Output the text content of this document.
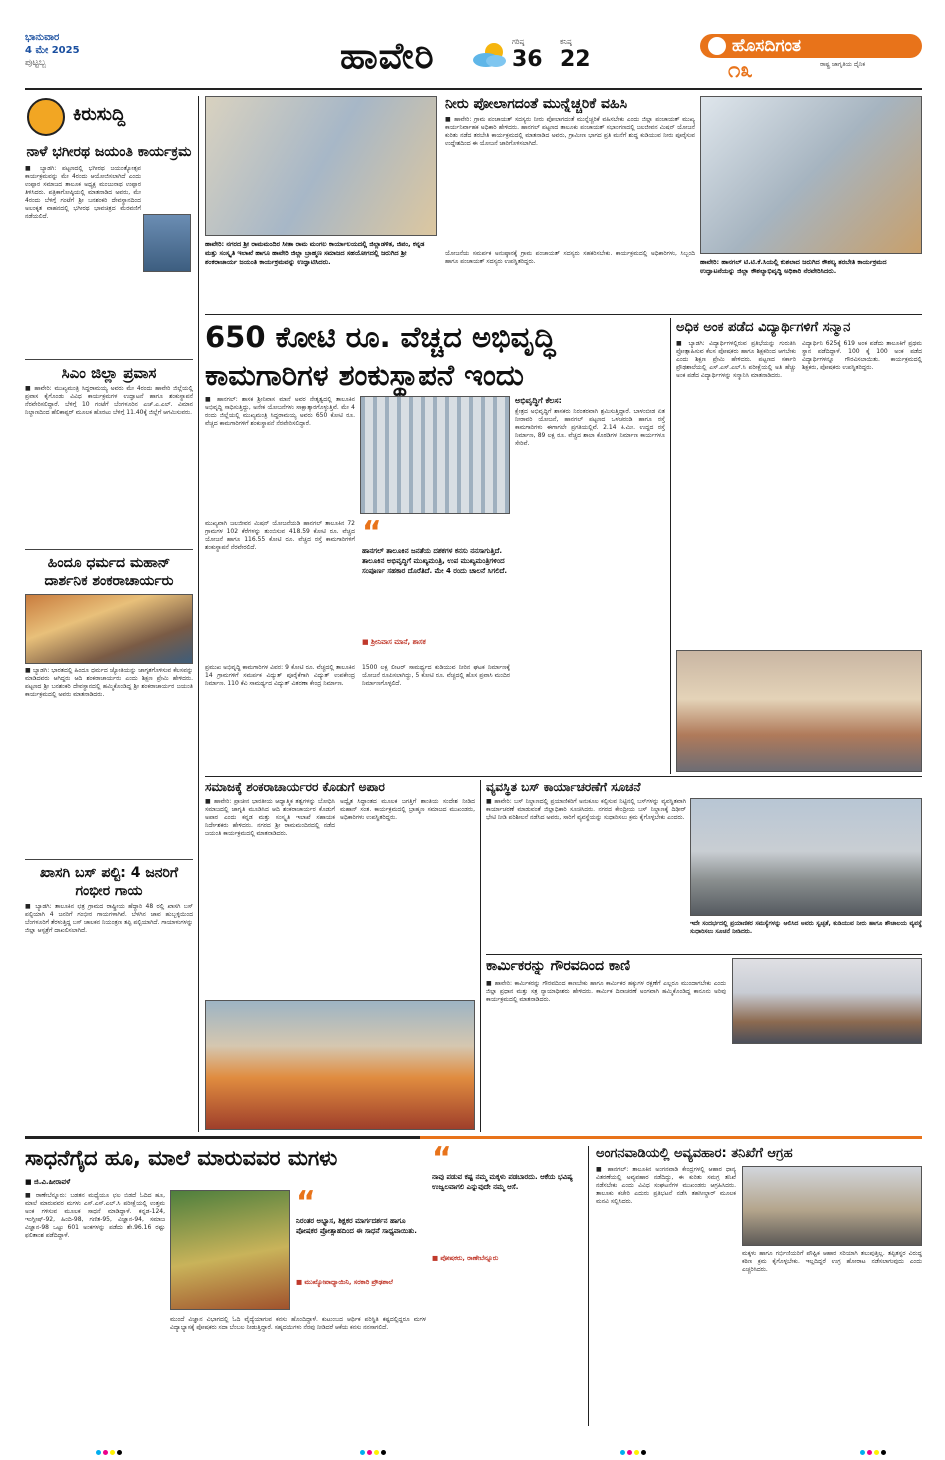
ಭಾನುವಾರ
4 ಮೇ 2025
ಪುಟ್ಟಬ್ಬ	ಹಾವೇರಿ	ಗರಿಷ್ಠ
36
ಕನಿಷ್ಠ
22
ಹೊಸದಿಗಂತ
ರಾಷ್ಟ್ರ ಜಾಗೃತಿಯ ದೈನಿಕ
೧೩
ಕಿರುಸುದ್ದಿ
ನಾಳೆ ಭಗೀರಥ ಜಯಂತಿ ಕಾರ್ಯಕ್ರಮ
■ ಬ್ಯಾಡಗಿ: ಪಟ್ಟಣದಲ್ಲಿ ಭಗೀರಥ ಜಯಂತ್ಯೋತ್ಸವ ಕಾರ್ಯಕ್ರಮವನ್ನು ಮೇ 4ರಂದು ಆಯೋಜಿಸಲಾಗಿದೆ ಎಂದು ಉಪ್ಪಾರ ಸಮಾಜದ ತಾಲೂಕ ಅಧ್ಯಕ್ಷ ಮಂಜುನಾಥ ಉಪ್ಪಾರ ತಿಳಿಸಿದರು. ಪತ್ರಿಕಾಗೋಷ್ಠಿಯಲ್ಲಿ ಮಾತನಾಡಿದ ಅವರು, ಮೇ 4ರಂದು ಬೆಳಿಗ್ಗೆ ಗಂಟೆಗೆ ಶ್ರೀ ಬನಶಂಕರಿ ದೇವಸ್ಥಾನದಿಂದ ಅಲಂಕೃತ ವಾಹನದಲ್ಲಿ ಭಗೀರಥ ಭಾವಚಿತ್ರದ ಮೆರವಣಿಗೆ ನಡೆಯಲಿದೆ.
ಸಿಎಂ ಜಿಲ್ಲಾ ಪ್ರವಾಸ
■ ಹಾವೇರಿ: ಮುಖ್ಯಮಂತ್ರಿ ಸಿದ್ದರಾಮಯ್ಯ ಅವರು ಮೇ 4ರಂದು ಹಾವೇರಿ ಜಿಲ್ಲೆಯಲ್ಲಿ ಪ್ರವಾಸ ಕೈಗೊಂಡು ವಿವಿಧ ಕಾರ್ಯಕ್ರಮಗಳ ಉದ್ಘಾಟನೆ ಹಾಗೂ ಶಂಕುಸ್ಥಾಪನೆ ನೆರವೇರಿಸಲಿದ್ದಾರೆ. ಬೆಳಿಗ್ಗೆ 10 ಗಂಟೆಗೆ ಬೆಂಗಳೂರಿನ ಎಚ್.ಎ.ಎಲ್. ವಿಮಾನ ನಿಲ್ದಾಣದಿಂದ ಹೆಲಿಕಾಪ್ಟರ್ ಮೂಲಕ ಹೊರಟು ಬೆಳಿಗ್ಗೆ 11.40ಕ್ಕೆ ಜಿಲ್ಲೆಗೆ ಆಗಮಿಸುವರು.
ಹಿಂದೂ ಧರ್ಮದ ಮಹಾನ್ ದಾರ್ಶನಿಕ ಶಂಕರಾಚಾರ್ಯರು
■ ಬ್ಯಾಡಗಿ: ಭಾರತದಲ್ಲಿ ಹಿಂದೂ ಧರ್ಮದ ಜ್ಯೋತಿಯನ್ನು ಜಾಗೃತಗೊಳಿಸುವ ಕೆಲಸವನ್ನು ಮಾಡಿದವರು ಆಗಿದ್ದರು ಆದಿ ಶಂಕರಾಚಾರ್ಯರು ಎಂದು ಶಿಕ್ಷಣ ಪ್ರೇಮಿ ಹೇಳಿದರು. ಪಟ್ಟಣದ ಶ್ರೀ ಬನಶಂಕರಿ ದೇವಸ್ಥಾನದಲ್ಲಿ ಹಮ್ಮಿಕೊಂಡಿದ್ದ ಶ್ರೀ ಶಂಕರಾಚಾರ್ಯರ ಜಯಂತಿ ಕಾರ್ಯಕ್ರಮದಲ್ಲಿ ಅವರು ಮಾತನಾಡಿದರು.
ಖಾಸಗಿ ಬಸ್ ಪಲ್ಟಿ: 4 ಜನರಿಗೆ ಗಂಭೀರ ಗಾಯ
■ ಬ್ಯಾಡಗಿ: ತಾಲೂಕಿನ ಛತ್ರ ಗ್ರಾಮದ ರಾಷ್ಟ್ರೀಯ ಹೆದ್ದಾರಿ 48 ರಲ್ಲಿ ಖಾಸಗಿ ಬಸ್ ಪಲ್ಟಿಯಾಗಿ 4 ಜನರಿಗೆ ಗಂಭೀರ ಗಾಯಗಳಾಗಿವೆ. ಬೆಳಗಿನ ಜಾವ ಹುಬ್ಬಳ್ಳಿಯಿಂದ ಬೆಂಗಳೂರಿಗೆ ತೆರಳುತ್ತಿದ್ದ ಬಸ್ ಚಾಲಕನ ನಿಯಂತ್ರಣ ತಪ್ಪಿ ಪಲ್ಟಿಯಾಗಿದೆ. ಗಾಯಾಳುಗಳನ್ನು ಜಿಲ್ಲಾ ಆಸ್ಪತ್ರೆಗೆ ದಾಖಲಿಸಲಾಗಿದೆ.
ಹಾವೇರಿ: ನಗರದ ಶ್ರೀ ರಾಮಮಂದಿರ ಸೀತಾ ರಾಮ ಮಂಗಲ ಕಾರ್ಯಾಲಯದಲ್ಲಿ ಜಿಲ್ಲಾಡಳಿತ, ಜಿಪಂ, ಕನ್ನಡ ಮತ್ತು ಸಂಸ್ಕೃತಿ ಇಲಾಖೆ ಹಾಗೂ ಹಾವೇರಿ ಜಿಲ್ಲಾ ಬ್ರಾಹ್ಮಣ ಸಮಾಜದ ಸಹಯೋಗದಲ್ಲಿ ಜರುಗಿದ ಶ್ರೀ ಶಂಕರಾಚಾರ್ಯ ಜಯಂತಿ ಕಾರ್ಯಕ್ರಮವನ್ನು ಉದ್ಘಾಟಿಸಿದರು.
ನೀರು ಪೋಲಾಗದಂತೆ ಮುನ್ನೆಚ್ಚರಿಕೆ ವಹಿಸಿ
■ ಹಾವೇರಿ: ಗ್ರಾಮ ಪಂಚಾಯತ್ ಸದಸ್ಯರು ನೀರು ಪೋಲಾಗದಂತೆ ಮುನ್ನೆಚ್ಚರಿಕೆ ವಹಿಸಬೇಕು ಎಂದು ಜಿಲ್ಲಾ ಪಂಚಾಯತ್ ಮುಖ್ಯ ಕಾರ್ಯನಿರ್ವಾಹಕ ಅಧಿಕಾರಿ ಹೇಳಿದರು. ಹಾನಗಲ್ ಪಟ್ಟಣದ ತಾಲೂಕು ಪಂಚಾಯತ್ ಸಭಾಂಗಣದಲ್ಲಿ ಜಲಜೀವನ ಮಿಷನ್ ಯೋಜನೆ ಕುರಿತು ನಡೆದ ತರಬೇತಿ ಕಾರ್ಯಕ್ರಮದಲ್ಲಿ ಮಾತನಾಡಿದ ಅವರು, ಗ್ರಾಮೀಣ ಭಾಗದ ಪ್ರತಿ ಮನೆಗೆ ಶುದ್ಧ ಕುಡಿಯುವ ನೀರು ಪೂರೈಸುವ ಉದ್ದೇಶದಿಂದ ಈ ಯೋಜನೆ ಜಾರಿಗೊಳಿಸಲಾಗಿದೆ.
ಯೋಜನೆಯ ಸಮರ್ಪಕ ಅನುಷ್ಠಾನಕ್ಕೆ ಗ್ರಾಮ ಪಂಚಾಯತ್ ಸದಸ್ಯರು ಸಹಕರಿಸಬೇಕು. ಕಾರ್ಯಕ್ರಮದಲ್ಲಿ ಅಧಿಕಾರಿಗಳು, ಸಿಬ್ಬಂದಿ ಹಾಗೂ ಪಂಚಾಯತ್ ಸದಸ್ಯರು ಉಪಸ್ಥಿತರಿದ್ದರು.	ಹಾವೇರಿ: ಹಾನಗಲ್ ಟಿ.ಟಿ.ಕೆ.ಸಿಯಲ್ಲಿ ಕುಶಲಾದ ಜರುಗಿದ ಕೌಶಲ್ಯ ತರಬೇತಿ ಕಾರ್ಯಕ್ರಮದ ಉದ್ಘಾಟನೆಯನ್ನು ಜಿಲ್ಲಾ ಕೌಶಲ್ಯಾಭಿವೃದ್ಧಿ ಅಧಿಕಾರಿ ನೆರವೇರಿಸಿದರು.
650 ಕೋಟಿ ರೂ. ವೆಚ್ಚದ ಅಭಿವೃದ್ಧಿ
ಕಾಮಗಾರಿಗಳ ಶಂಕುಸ್ಥಾಪನೆ ಇಂದು
■ ಹಾನಗಲ್: ಶಾಸಕ ಶ್ರೀನಿವಾಸ ಮಾನೆ ಅವರ ನೇತೃತ್ವದಲ್ಲಿ ತಾಲೂಕಿನ ಅಭಿವೃದ್ಧಿ ಸಾಧಿಸುತ್ತಿದ್ದು, ಅನೇಕ ಯೋಜನೆಗಳು ಸಾಕ್ಷಾತ್ಕಾರಗೊಳ್ಳುತ್ತಿವೆ. ಮೇ 4 ರಂದು ಜಿಲ್ಲೆಯಲ್ಲಿ ಮುಖ್ಯಮಂತ್ರಿ ಸಿದ್ದರಾಮಯ್ಯ ಅವರು 650 ಕೋಟಿ ರೂ. ವೆಚ್ಚದ ಕಾಮಗಾರಿಗಳಿಗೆ ಶಂಕುಸ್ಥಾಪನೆ ನೆರವೇರಿಸಲಿದ್ದಾರೆ.
ಮುಖ್ಯವಾಗಿ ಜಲಜೀವನ ಮಿಷನ್ ಯೋಜನೆಯಡಿ ಹಾನಗಲ್ ತಾಲೂಕಿನ 72 ಗ್ರಾಮಗಳ 102 ಕೆರೆಗಳನ್ನು ತುಂಬಿಸುವ 418.59 ಕೋಟಿ ರೂ. ವೆಚ್ಚದ ಯೋಜನೆ ಹಾಗೂ 116.55 ಕೋಟಿ ರೂ. ವೆಚ್ಚದ ರಸ್ತೆ ಕಾಮಗಾರಿಗಳಿಗೆ ಶಂಕುಸ್ಥಾಪನೆ ನೆರವೇರಲಿದೆ.	“
ಹಾನಗಲ್ ತಾಲೂಕಿನ ಜನತೆಯ ದಶಕಗಳ ಕನಸು ನನಸಾಗುತ್ತಿದೆ. ತಾಲೂಕಿನ ಅಭಿವೃದ್ಧಿಗೆ ಮುಖ್ಯಮಂತ್ರಿ, ಉಪ ಮುಖ್ಯಮಂತ್ರಿಗಳಿಂದ ಸಂಪೂರ್ಣ ಸಹಕಾರ ದೊರೆತಿದೆ. ಮೇ 4 ರಂದು ಚಾಲನೆ ಸಿಗಲಿದೆ.
■ ಶ್ರೀನಿವಾಸ ಮಾನೆ, ಶಾಸಕ
ಪ್ರಮುಖ ಅಭಿವೃದ್ಧಿ ಕಾಮಗಾರಿಗಳ ವಿವರ: 9 ಕೋಟಿ ರೂ. ವೆಚ್ಚದಲ್ಲಿ ತಾಲೂಕಿನ 14 ಗ್ರಾಮಗಳಿಗೆ ಸಮರ್ಪಕ ವಿದ್ಯುತ್ ಪೂರೈಕೆಗಾಗಿ ವಿದ್ಯುತ್ ಉಪಕೇಂದ್ರ ನಿರ್ಮಾಣ. 110 ಕೆವಿ ಸಾಮರ್ಥ್ಯದ ವಿದ್ಯುತ್ ವಿತರಣಾ ಕೇಂದ್ರ ನಿರ್ಮಾಣ.
1500 ಲಕ್ಷ ಲೀಟರ್ ಸಾಮರ್ಥ್ಯದ ಕುಡಿಯುವ ನೀರಿನ ಘಟಕ ನಿರ್ಮಾಣಕ್ಕೆ ಯೋಜನೆ ರೂಪಿಸಲಾಗಿದ್ದು, 5 ಕೋಟಿ ರೂ. ವೆಚ್ಚದಲ್ಲಿ ಹೊಸ ಪ್ರವಾಸಿ ಮಂದಿರ ನಿರ್ಮಾಣಗೊಳ್ಳಲಿದೆ.
ಅಭಿವೃದ್ಧಿಗೆ ಕೆಲಸ:
ಕ್ಷೇತ್ರದ ಅಭಿವೃದ್ಧಿಗೆ ಶಾಸಕರು ನಿರಂತರವಾಗಿ ಶ್ರಮಿಸುತ್ತಿದ್ದಾರೆ. ಬಾಳಂಬೀಡ ಏತ ನೀರಾವರಿ ಯೋಜನೆ, ಹಾನಗಲ್ ಪಟ್ಟಣದ ಒಳಚರಂಡಿ ಹಾಗೂ ರಸ್ತೆ ಕಾಮಗಾರಿಗಳು ಈಗಾಗಲೇ ಪ್ರಗತಿಯಲ್ಲಿವೆ. 2.14 ಕಿ.ಮೀ. ಉದ್ದದ ರಸ್ತೆ ನಿರ್ಮಾಣ, 89 ಲಕ್ಷ ರೂ. ವೆಚ್ಚದ ಶಾಲಾ ಕೊಠಡಿಗಳ ನಿರ್ಮಾಣ ಕಾರ್ಯಗಳೂ ಸೇರಿವೆ.
ಅಧಿಕ ಅಂಕ ಪಡೆದ ವಿದ್ಯಾರ್ಥಿಗಳಿಗೆ ಸನ್ಮಾನ
■ ಬ್ಯಾಡಗಿ: ವಿದ್ಯಾರ್ಥಿಗಳಲ್ಲಿರುವ ಪ್ರತಿಭೆಯನ್ನು ಗುರುತಿಸಿ ಪ್ರೋತ್ಸಾಹಿಸುವ ಕೆಲಸ ಪೋಷಕರು ಹಾಗೂ ಶಿಕ್ಷಕರಿಂದ ಆಗಬೇಕು ಎಂದು ಶಿಕ್ಷಣ ಪ್ರೇಮಿ ಹೇಳಿದರು. ಪಟ್ಟಣದ ಸರ್ಕಾರಿ ಪ್ರೌಢಶಾಲೆಯಲ್ಲಿ ಎಸ್.ಎಸ್.ಎಲ್.ಸಿ ಪರೀಕ್ಷೆಯಲ್ಲಿ ಅತಿ ಹೆಚ್ಚು ಅಂಕ ಪಡೆದ ವಿದ್ಯಾರ್ಥಿಗಳನ್ನು ಸನ್ಮಾನಿಸಿ ಮಾತನಾಡಿದರು.
ವಿದ್ಯಾರ್ಥಿನಿ 625ಕ್ಕೆ 619 ಅಂಕ ಪಡೆದು ತಾಲೂಕಿಗೆ ಪ್ರಥಮ ಸ್ಥಾನ ಪಡೆದಿದ್ದಾಳೆ. 100 ಕ್ಕೆ 100 ಅಂಕ ಪಡೆದ ವಿದ್ಯಾರ್ಥಿಗಳನ್ನೂ ಗೌರವಿಸಲಾಯಿತು. ಕಾರ್ಯಕ್ರಮದಲ್ಲಿ ಶಿಕ್ಷಕರು, ಪೋಷಕರು ಉಪಸ್ಥಿತರಿದ್ದರು.
ಸಮಾಜಕ್ಕೆ ಶಂಕರಾಚಾರ್ಯರರ ಕೊಡುಗೆ ಅಪಾರ
■ ಹಾವೇರಿ: ಪ್ರಾಚೀನ ಭಾರತೀಯ ಆಧ್ಯಾತ್ಮಿಕ ತತ್ವಗಳನ್ನು ಬೋಧಿಸಿ ಸಮಾಜದಲ್ಲಿ ಜಾಗೃತಿ ಮೂಡಿಸಿದ ಆದಿ ಶಂಕರಾಚಾರ್ಯರ ಕೊಡುಗೆ ಅಪಾರ ಎಂದು ಕನ್ನಡ ಮತ್ತು ಸಂಸ್ಕೃತಿ ಇಲಾಖೆ ಸಹಾಯಕ ನಿರ್ದೇಶಕರು ಹೇಳಿದರು. ನಗರದ ಶ್ರೀ ರಾಮಮಂದಿರದಲ್ಲಿ ನಡೆದ ಜಯಂತಿ ಕಾರ್ಯಕ್ರಮದಲ್ಲಿ ಮಾತನಾಡಿದರು.
ಅದ್ವೈತ ಸಿದ್ಧಾಂತದ ಮೂಲಕ ಜಗತ್ತಿಗೆ ಶಾಂತಿಯ ಸಂದೇಶ ನೀಡಿದ ಮಹಾನ್ ಸಂತ. ಕಾರ್ಯಕ್ರಮದಲ್ಲಿ ಬ್ರಾಹ್ಮಣ ಸಮಾಜದ ಮುಖಂಡರು, ಅಧಿಕಾರಿಗಳು ಉಪಸ್ಥಿತರಿದ್ದರು.
ವ್ಯವಸ್ಥಿತ ಬಸ್ ಕಾರ್ಯಾಚರಣೆಗೆ ಸೂಚನೆ
■ ಹಾವೇರಿ: ಬಸ್ ನಿಲ್ದಾಣದಲ್ಲಿ ಪ್ರಯಾಣಿಕರಿಗೆ ಅನುಕೂಲ ಕಲ್ಪಿಸುವ ನಿಟ್ಟಿನಲ್ಲಿ ಬಸ್‌ಗಳನ್ನು ವ್ಯವಸ್ಥಿತವಾಗಿ ಕಾರ್ಯಾಚರಣೆ ಮಾಡುವಂತೆ ಜಿಲ್ಲಾಧಿಕಾರಿ ಸೂಚಿಸಿದರು. ನಗರದ ಕೇಂದ್ರೀಯ ಬಸ್ ನಿಲ್ದಾಣಕ್ಕೆ ದಿಢೀರ್ ಭೇಟಿ ನೀಡಿ ಪರಿಶೀಲನೆ ನಡೆಸಿದ ಅವರು, ಸಾರಿಗೆ ವ್ಯವಸ್ಥೆಯನ್ನು ಸುಧಾರಿಸಲು ಕ್ರಮ ಕೈಗೊಳ್ಳಬೇಕು ಎಂದರು.
ಇದೇ ಸಂದರ್ಭದಲ್ಲಿ ಪ್ರಯಾಣಿಕರ ಸಮಸ್ಯೆಗಳನ್ನು ಆಲಿಸಿದ ಅವರು ಸ್ವಚ್ಛತೆ, ಕುಡಿಯುವ ನೀರು ಹಾಗೂ ಶೌಚಾಲಯ ವ್ಯವಸ್ಥೆ ಸುಧಾರಿಸಲು ಸೂಚನೆ ನೀಡಿದರು.
ಕಾರ್ಮಿಕರನ್ನು ಗೌರವದಿಂದ ಕಾಣಿ
■ ಹಾವೇರಿ: ಕಾರ್ಮಿಕರನ್ನು ಗೌರವದಿಂದ ಕಾಣಬೇಕು ಹಾಗೂ ಕಾರ್ಮಿಕರ ಹಕ್ಕುಗಳ ರಕ್ಷಣೆಗೆ ಎಲ್ಲರೂ ಮುಂದಾಗಬೇಕು ಎಂದು ಜಿಲ್ಲಾ ಪ್ರಧಾನ ಮತ್ತು ಸತ್ರ ನ್ಯಾಯಾಧೀಶರು ಹೇಳಿದರು. ಕಾರ್ಮಿಕ ದಿನಾಚರಣೆ ಅಂಗವಾಗಿ ಹಮ್ಮಿಕೊಂಡಿದ್ದ ಕಾನೂನು ಅರಿವು ಕಾರ್ಯಕ್ರಮದಲ್ಲಿ ಮಾತನಾಡಿದರು.
ಸಾಧನೆಗೈದ ಹೂ, ಮಾಲೆ ಮಾರುವವರ ಮಗಳು
■ ಜಿ.ವಿ.ಹೀರಾವಳೆ
■ ರಾಣೇಬೆನ್ನೂರು: ಬಡತನ ಮಧ್ಯೆಯೂ ಛಲ ಬಿಡದೆ ಓದಿದ ಹೂ, ಮಾಲೆ ಮಾರುವವರ ಮಗಳು ಎಸ್.ಎಸ್.ಎಲ್.ಸಿ ಪರೀಕ್ಷೆಯಲ್ಲಿ ಉತ್ತಮ ಅಂಕ ಗಳಿಸುವ ಮೂಲಕ ಸಾಧನೆ ಮಾಡಿದ್ದಾಳೆ. ಕನ್ನಡ-124, ಇಂಗ್ಲೀಷ್-92, ಹಿಂದಿ-98, ಗಣಿತ-95, ವಿಜ್ಞಾನ-94, ಸಮಾಜ ವಿಜ್ಞಾನ-98 ಒಟ್ಟು 601 ಅಂಕಗಳನ್ನು ಪಡೆದು ಶೇ.96.16 ರಷ್ಟು ಫಲಿತಾಂಶ ಪಡೆದಿದ್ದಾಳೆ.
“
ನಿರಂತರ ಅಭ್ಯಾಸ, ಶಿಕ್ಷಕರ ಮಾರ್ಗದರ್ಶನ ಹಾಗೂ ಪೋಷಕರ ಪ್ರೋತ್ಸಾಹದಿಂದ ಈ ಸಾಧನೆ ಸಾಧ್ಯವಾಯಿತು.
■ ಮುಖ್ಯೋಪಾಧ್ಯಾಯಿನಿ, ಸರಕಾರಿ ಪ್ರೌಢಶಾಲೆ
ಮುಂದೆ ವಿಜ್ಞಾನ ವಿಭಾಗದಲ್ಲಿ ಓದಿ ವೈದ್ಯೆಯಾಗುವ ಕನಸು ಹೊಂದಿದ್ದಾಳೆ. ಕುಟುಂಬದ ಆರ್ಥಿಕ ಪರಿಸ್ಥಿತಿ ಕಷ್ಟದಲ್ಲಿದ್ದರೂ ಮಗಳ ವಿದ್ಯಾಭ್ಯಾಸಕ್ಕೆ ಪೋಷಕರು ಸದಾ ಬೆಂಬಲ ನೀಡುತ್ತಿದ್ದಾರೆ. ಸಹೃದಯಿಗಳು ನೆರವು ನೀಡಿದರೆ ಆಕೆಯ ಕನಸು ನನಸಾಗಲಿದೆ.
“
ನಾವು ಪಡುವ ಕಷ್ಟ ನಮ್ಮ ಮಕ್ಕಳು ಪಡಬಾರದು. ಆಕೆಯ ಭವಿಷ್ಯ ಉಜ್ವಲವಾಗಲಿ ಎನ್ನುವುದೇ ನಮ್ಮ ಆಸೆ.
■ ಪೋಷಕರು, ರಾಣೇಬೆನ್ನೂರು
ಅಂಗನವಾಡಿಯಲ್ಲಿ ಅವ್ಯವಹಾರ: ತನಿಖೆಗೆ ಆಗ್ರಹ
■ ಹಾನಗಲ್: ತಾಲೂಕಿನ ಅಂಗನವಾಡಿ ಕೇಂದ್ರಗಳಲ್ಲಿ ಆಹಾರ ಧಾನ್ಯ ವಿತರಣೆಯಲ್ಲಿ ಅವ್ಯವಹಾರ ನಡೆದಿದ್ದು, ಈ ಕುರಿತು ಸಮಗ್ರ ತನಿಖೆ ನಡೆಸಬೇಕು ಎಂದು ವಿವಿಧ ಸಂಘಟನೆಗಳ ಮುಖಂಡರು ಆಗ್ರಹಿಸಿದರು. ತಾಲೂಕು ಕಚೇರಿ ಎದುರು ಪ್ರತಿಭಟನೆ ನಡೆಸಿ ತಹಸೀಲ್ದಾರ್ ಮೂಲಕ ಮನವಿ ಸಲ್ಲಿಸಿದರು.
ಮಕ್ಕಳು ಹಾಗೂ ಗರ್ಭಿಣಿಯರಿಗೆ ಪೌಷ್ಟಿಕ ಆಹಾರ ಸರಿಯಾಗಿ ತಲುಪುತ್ತಿಲ್ಲ. ತಪ್ಪಿತಸ್ಥರ ವಿರುದ್ಧ ಕಠಿಣ ಕ್ರಮ ಕೈಗೊಳ್ಳಬೇಕು. ಇಲ್ಲದಿದ್ದರೆ ಉಗ್ರ ಹೋರಾಟ ನಡೆಸಲಾಗುವುದು ಎಂದು ಎಚ್ಚರಿಸಿದರು.
